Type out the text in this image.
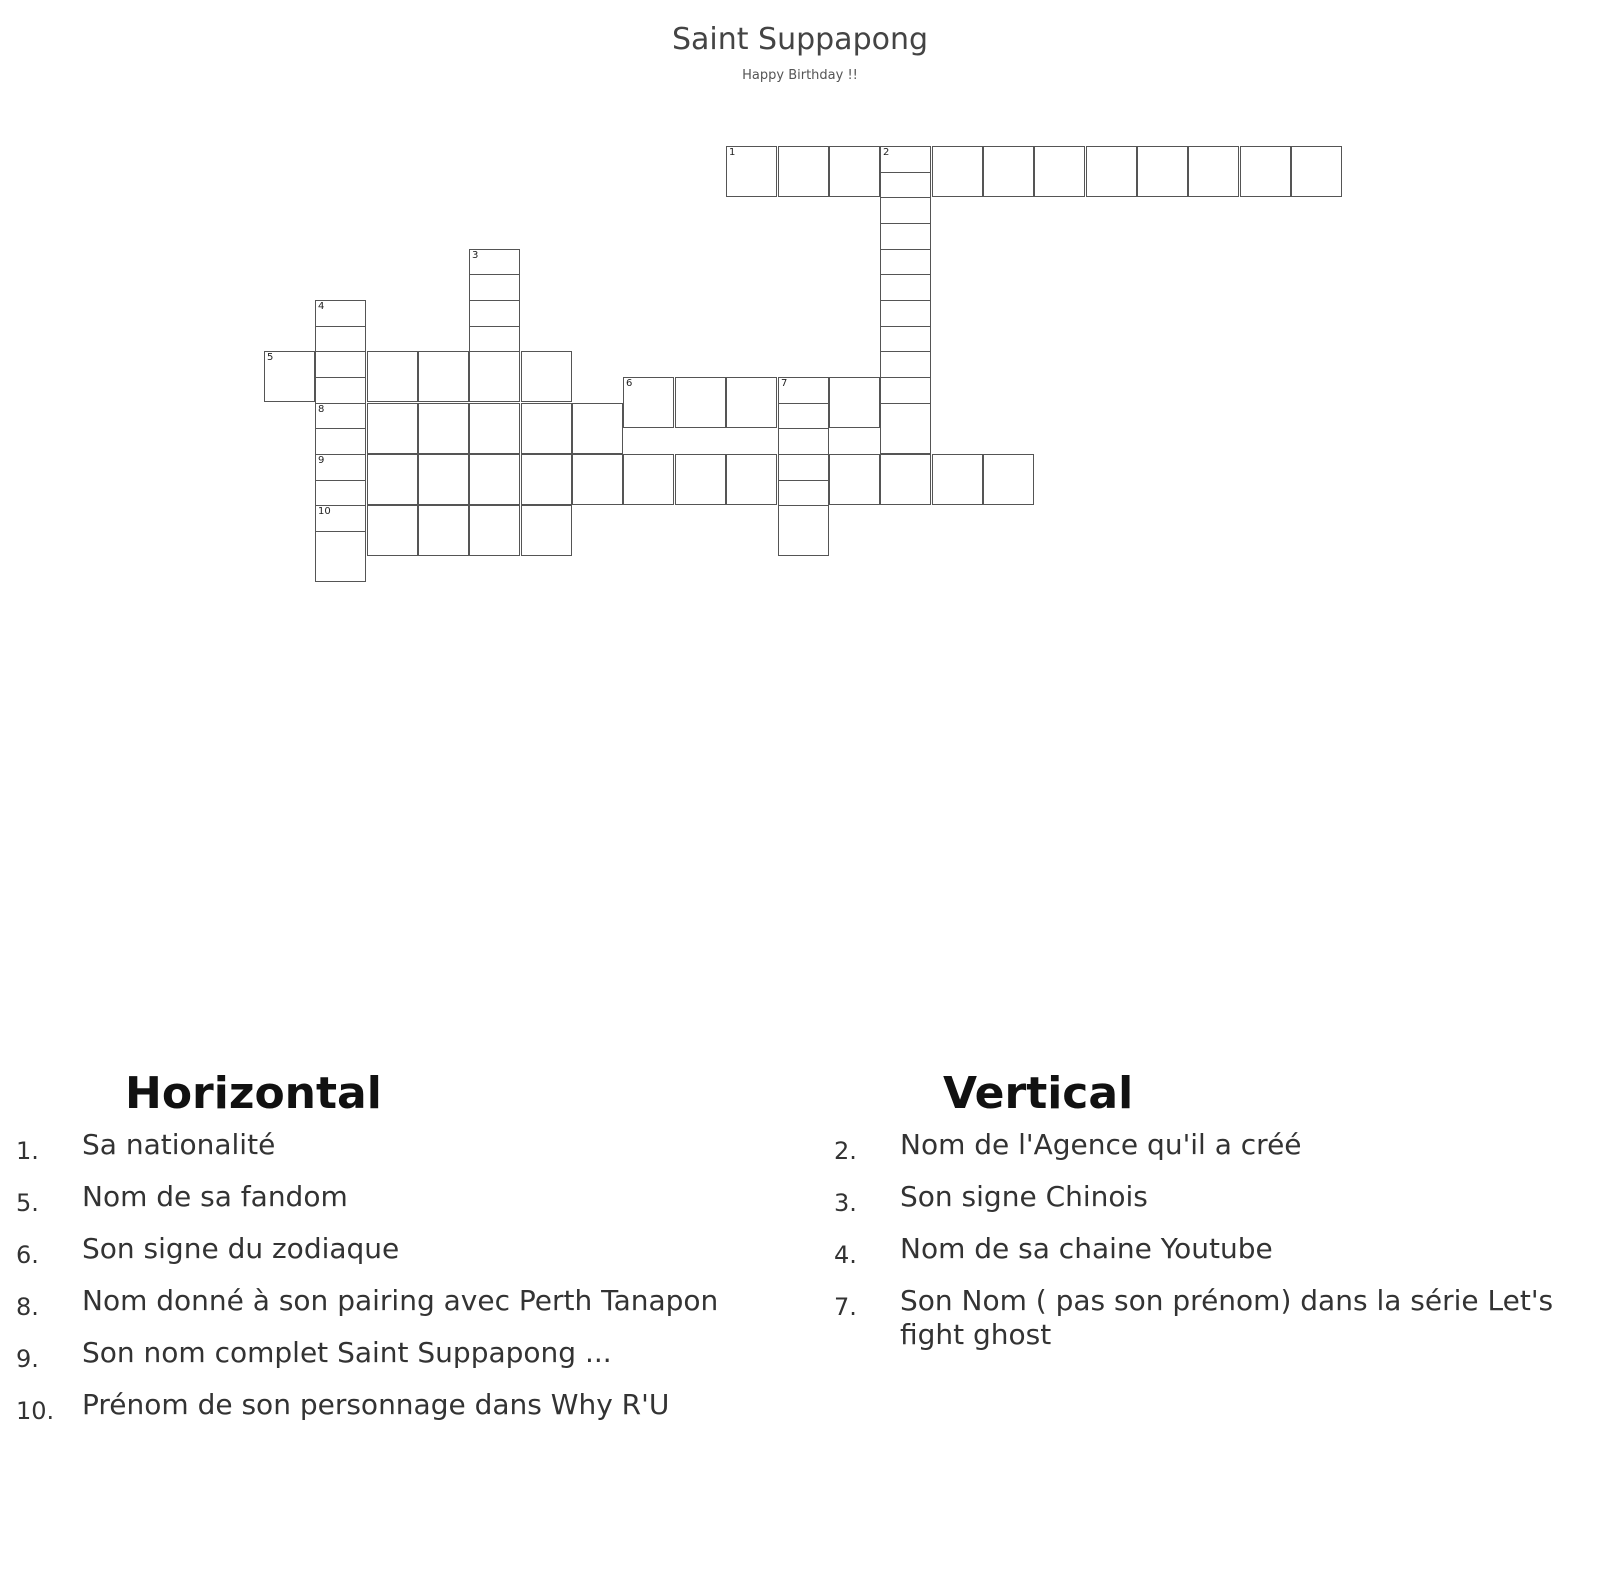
Saint Suppapong
Happy Birthday !!
1	2
3
4
8
9
10
5
6	7
Horizontal	Vertical
1. Sa nationalité
5. Nom de sa fandom
6. Son signe du zodiaque
8. Nom donné à son pairing avec Perth Tanapon
9. Son nom complet Saint Suppapong ...
10. Prénom de son personnage dans Why R'U
2. Nom de l'Agence qu'il a créé
3. Son signe Chinois
4. Nom de sa chaine Youtube
7. Son Nom ( pas son prénom) dans la série Let's fight ghost
